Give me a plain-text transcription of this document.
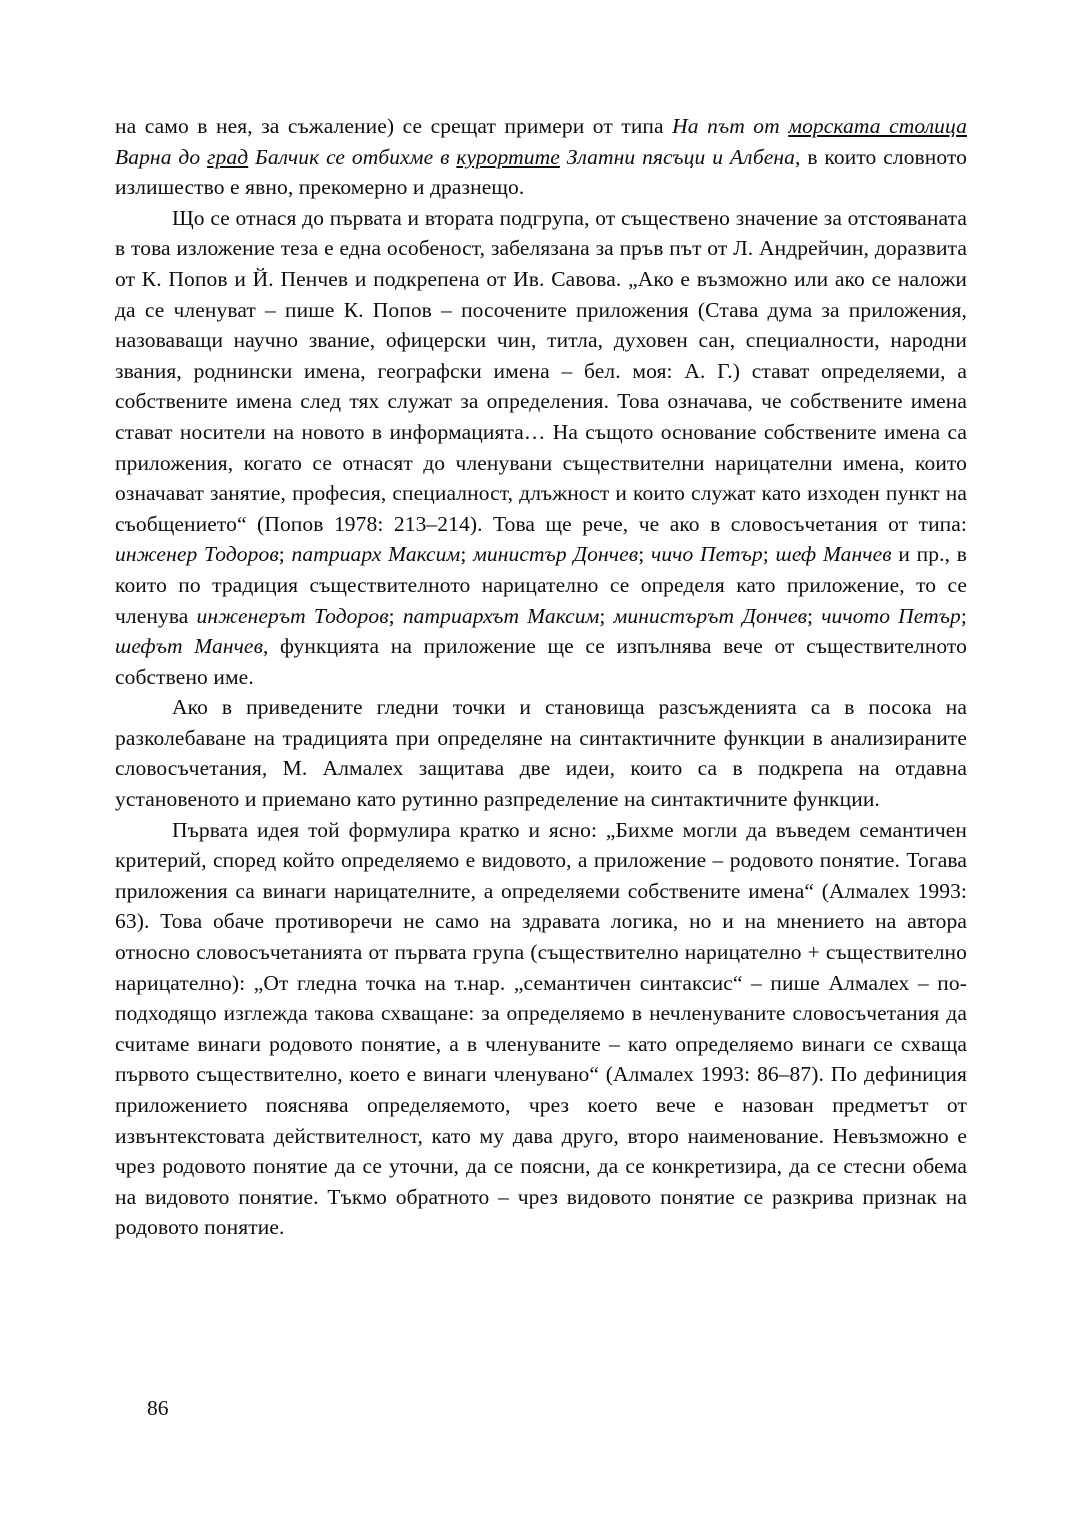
на само в нея, за съжаление) се срещат примери от типа На път от морската столица Варна до град Балчик се отбихме в курортите Златни пясъци и Албена, в които словното излишество е явно, прекомерно и дразнещо.

Що се отнася до първата и втората подгрупа, от съществено значение за отстояваната в това изложение теза е една особеност, забелязана за пръв път от Л. Андрейчин, доразвита от К. Попов и Й. Пенчев и подкрепена от Ив. Савова. „Ако е възможно или ако се наложи да се членуват – пише К. Попов – посочените приложения (Става дума за приложения, назоваващи научно звание, офицерски чин, титла, духовен сан, специалности, народни звания, роднински имена, географски имена – бел. моя: А. Г.) стават определяеми, а собствените имена след тях служат за определения. Това означава, че собствените имена стават носители на новото в информацията… На същото основание собствените имена са приложения, когато се отнасят до членувани съществителни нарицателни имена, които означават занятие, професия, специалност, длъжност и които служат като изходен пункт на съобщението“ (Попов 1978: 213–214). Това ще рече, че ако в словосъчетания от типа: инженер Тодоров; патриарх Максим; министър Дончев; чичо Петър; шеф Манчев и пр., в които по традиция съществителното нарицателно се определя като приложение, то се членува инженерът Тодоров; патриархът Максим; министърът Дончев; чичото Петър; шефът Манчев, функцията на приложение ще се изпълнява вече от съществителното собствено име.

Ако в приведените гледни точки и становища разсъжденията са в посока на разколебаване на традицията при определяне на синтактичните функции в анализираните словосъчетания, М. Алмалех защитава две идеи, които са в подкрепа на отдавна установеното и приемано като рутинно разпределение на синтактичните функции.

Първата идея той формулира кратко и ясно: „Бихме могли да въведем семантичен критерий, според който определяемо е видовото, а приложение – родовото понятие. Тогава приложения са винаги нарицателните, а определяеми собствените имена“ (Алмалех 1993: 63). Това обаче противоречи не само на здравата логика, но и на мнението на автора относно словосъчетанията от първата група (съществително нарицателно + съществително нарицателно): „От гледна точка на т.нар. „семантичен синтаксис“ – пише Алмалех – по-подходящо изглежда такова схващане: за определяемо в нечленуваните словосъчетания да считаме винаги родовото понятие, а в членуваните – като определяемо винаги се схваща първото съществително, което е винаги членувано“ (Алмалех 1993: 86–87). По дефиниция приложението пояснява определяемото, чрез което вече е назован предметът от извънтекстовата действителност, като му дава друго, второ наименование. Невъзможно е чрез родовото понятие да се уточни, да се поясни, да се конкретизира, да се стесни обема на видовото понятие. Тъкмо обратното – чрез видовото понятие се разкрива признак на родовото понятие.

86
